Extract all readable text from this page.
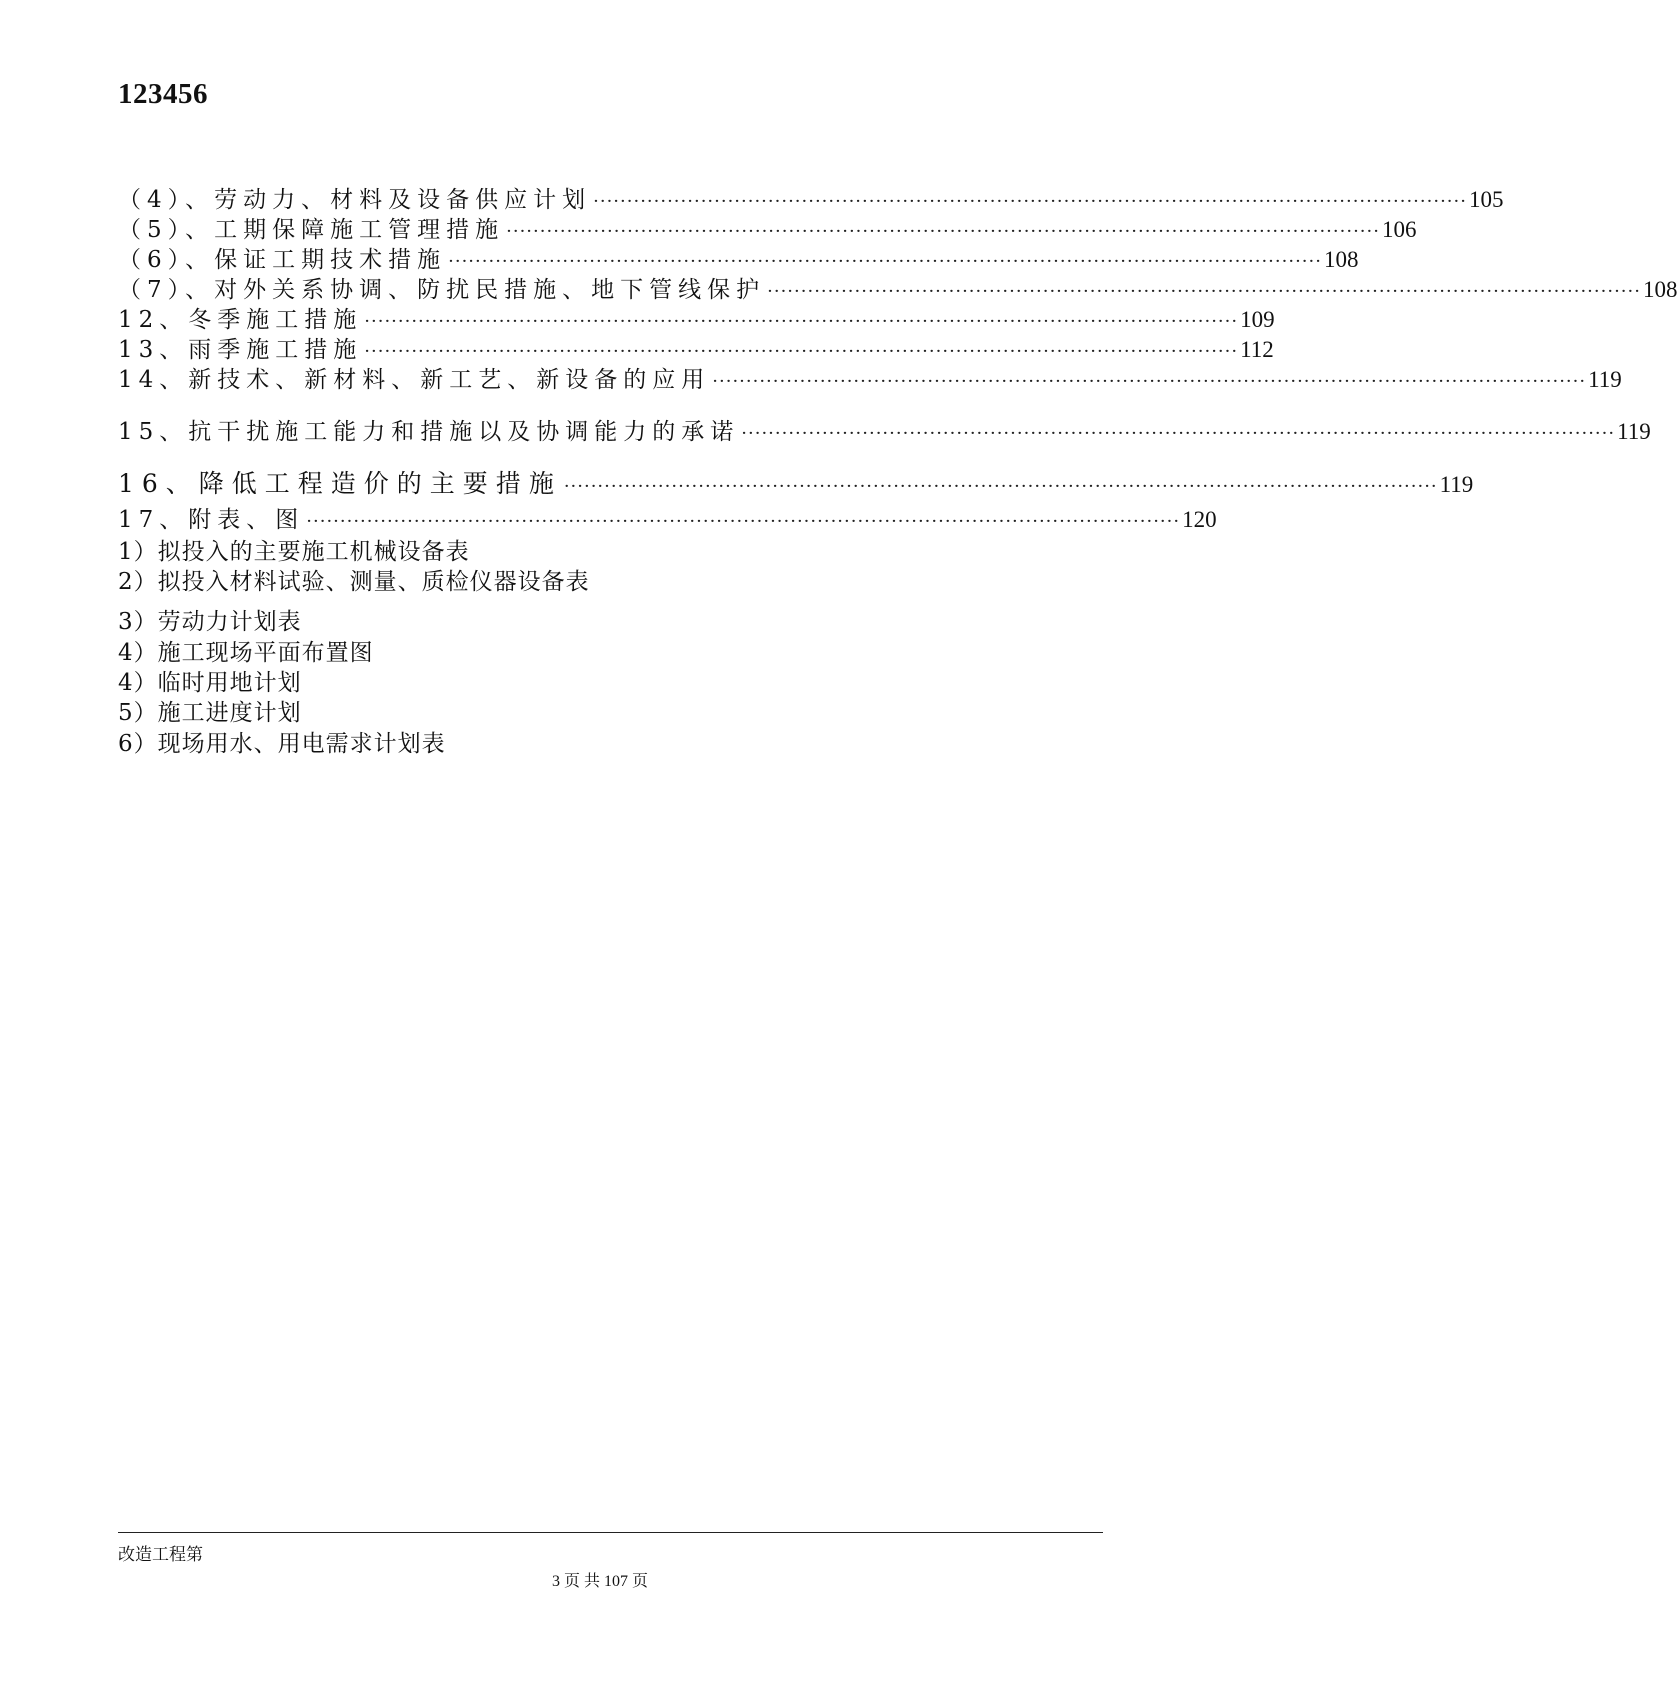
123456
（4）、劳动力、材料及设备供应计划 ·································································································································· 105
（5）、工期保障施工管理措施 ·································································································································· 106
（6）、保证工期技术措施 ·································································································································· 108
（7）、对外关系协调、防扰民措施、地下管线保护 ·································································································································· 108
12、冬季施工措施 ·································································································································· 109
13、雨季施工措施 ·································································································································· 112
14、新技术、新材料、新工艺、新设备的应用 ·································································································································· 119
15、抗干扰施工能力和措施以及协调能力的承诺 ·································································································································· 119
16、降低工程造价的主要措施 ·································································································································· 119
17、附表、图 ·································································································································· 120
1）拟投入的主要施工机械设备表
2）拟投入材料试验、测量、质检仪器设备表
3）劳动力计划表
4）施工现场平面布置图
4）临时用地计划
5）施工进度计划
6）现场用水、用电需求计划表
改造工程第
3 页 共 107 页
